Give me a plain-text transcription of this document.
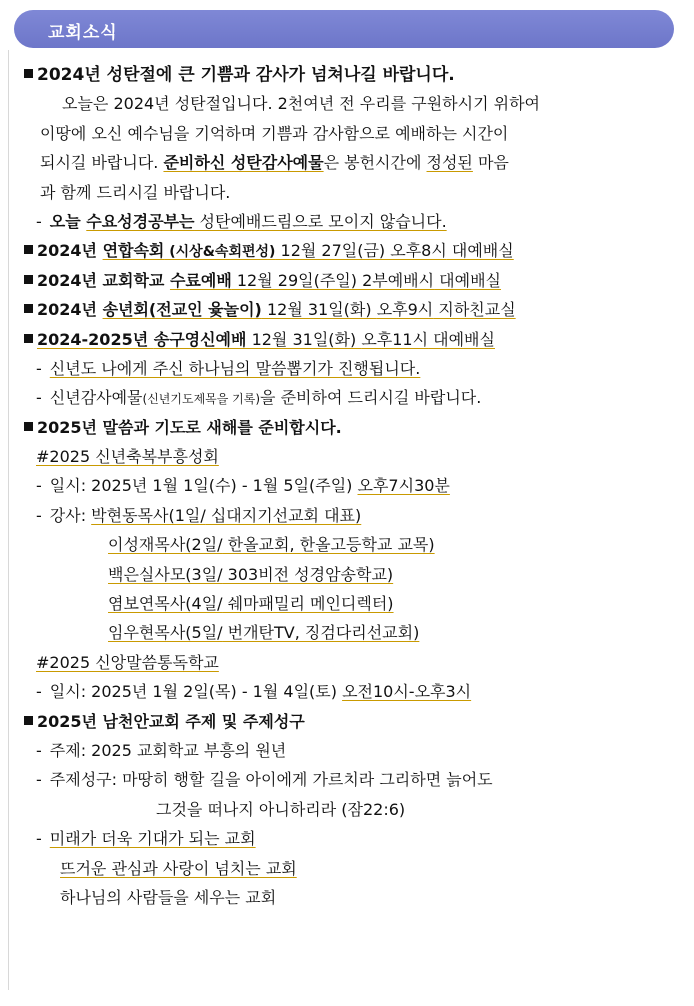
교회소식
2024년 성탄절에 큰 기쁨과 감사가 넘쳐나길 바랍니다.
오늘은 2024년 성탄절입니다. 2천여년 전 우리를 구원하시기 위하여
이땅에 오신 예수님을 기억하며 기쁨과 감사함으로 예배하는 시간이
되시길 바랍니다. 준비하신 성탄감사예물은 봉헌시간에 정성된 마음
과 함께 드리시길 바랍니다.
- 오늘 수요성경공부는 성탄예배드림으로 모이지 않습니다.
2024년 연합속회 (시상&속회편성) 12월 27일(금) 오후8시 대예배실
2024년 교회학교 수료예배 12월 29일(주일) 2부예배시 대예배실
2024년 송년회(전교인 윷놀이) 12월 31일(화) 오후9시 지하친교실
2024-2025년 송구영신예배 12월 31일(화) 오후11시 대예배실
- 신년도 나에게 주신 하나님의 말씀뽑기가 진행됩니다.
- 신년감사예물(신년기도제목을 기록)을 준비하여 드리시길 바랍니다.
2025년 말씀과 기도로 새해를 준비합시다.
#2025 신년축복부흥성회
- 일시: 2025년 1월 1일(수) - 1월 5일(주일) 오후7시30분
- 강사: 박현동목사(1일/ 십대지기선교회 대표)
이성재목사(2일/ 한올교회, 한올고등학교 교목)
백은실사모(3일/ 303비전 성경암송학교)
염보연목사(4일/ 쉐마패밀리 메인디렉터)
임우현목사(5일/ 번개탄TV, 징검다리선교회)
#2025 신앙말씀통독학교
- 일시: 2025년 1월 2일(목) - 1월 4일(토) 오전10시-오후3시
2025년 남천안교회 주제 및 주제성구
- 주제: 2025 교회학교 부흥의 원년
- 주제성구: 마땅히 행할 길을 아이에게 가르치라 그리하면 늙어도
그것을 떠나지 아니하리라 (잠22:6)
- 미래가 더욱 기대가 되는 교회
뜨거운 관심과 사랑이 넘치는 교회
하나님의 사람들을 세우는 교회
